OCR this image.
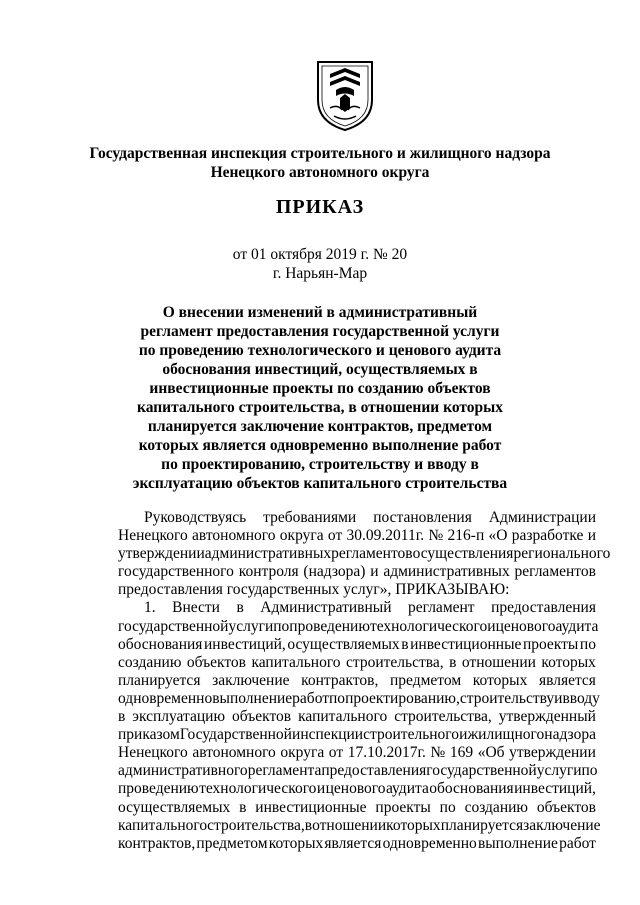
Государственная инспекция строительного и жилищного надзора
Ненецкого автономного округа
ПРИКАЗ
от 01 октября 2019 г. № 20
г. Нарьян-Мар
О внесении изменений в административный
регламент предоставления государственной услуги
по проведению технологического и ценового аудита
обоснования инвестиций, осуществляемых в
инвестиционные проекты по созданию объектов
капитального строительства, в отношении которых
планируется заключение контрактов, предметом
которых является одновременно выполнение работ
по проектированию, строительству и вводу в
эксплуатацию объектов капитального строительства
Руководствуясь требованиями постановления Администрации
Ненецкого автономного округа от 30.09.2011г. № 216-п «О разработке и
утверждении административных регламентов осуществления регионального
государственного контроля (надзора) и административных регламентов
предоставления государственных услуг», ПРИКАЗЫВАЮ:
1. Внести в Административный регламент предоставления
государственной услуги по проведению технологического и ценового аудита
обоснования инвестиций, осуществляемых в инвестиционные проекты по
созданию объектов капитального строительства, в отношении которых
планируется заключение контрактов, предметом которых является
одновременно выполнение работ по проектированию, строительству и вводу
в эксплуатацию объектов капитального строительства, утвержденный
приказом Государственной инспекции строительного и жилищного надзора
Ненецкого автономного округа от 17.10.2017г. № 169 «Об утверждении
административного регламента предоставления государственной услуги по
проведению технологического и ценового аудита обоснования инвестиций,
осуществляемых в инвестиционные проекты по созданию объектов
капитального строительства, в отношении которых планируется заключение
контрактов, предметом которых является одновременно выполнение работ
